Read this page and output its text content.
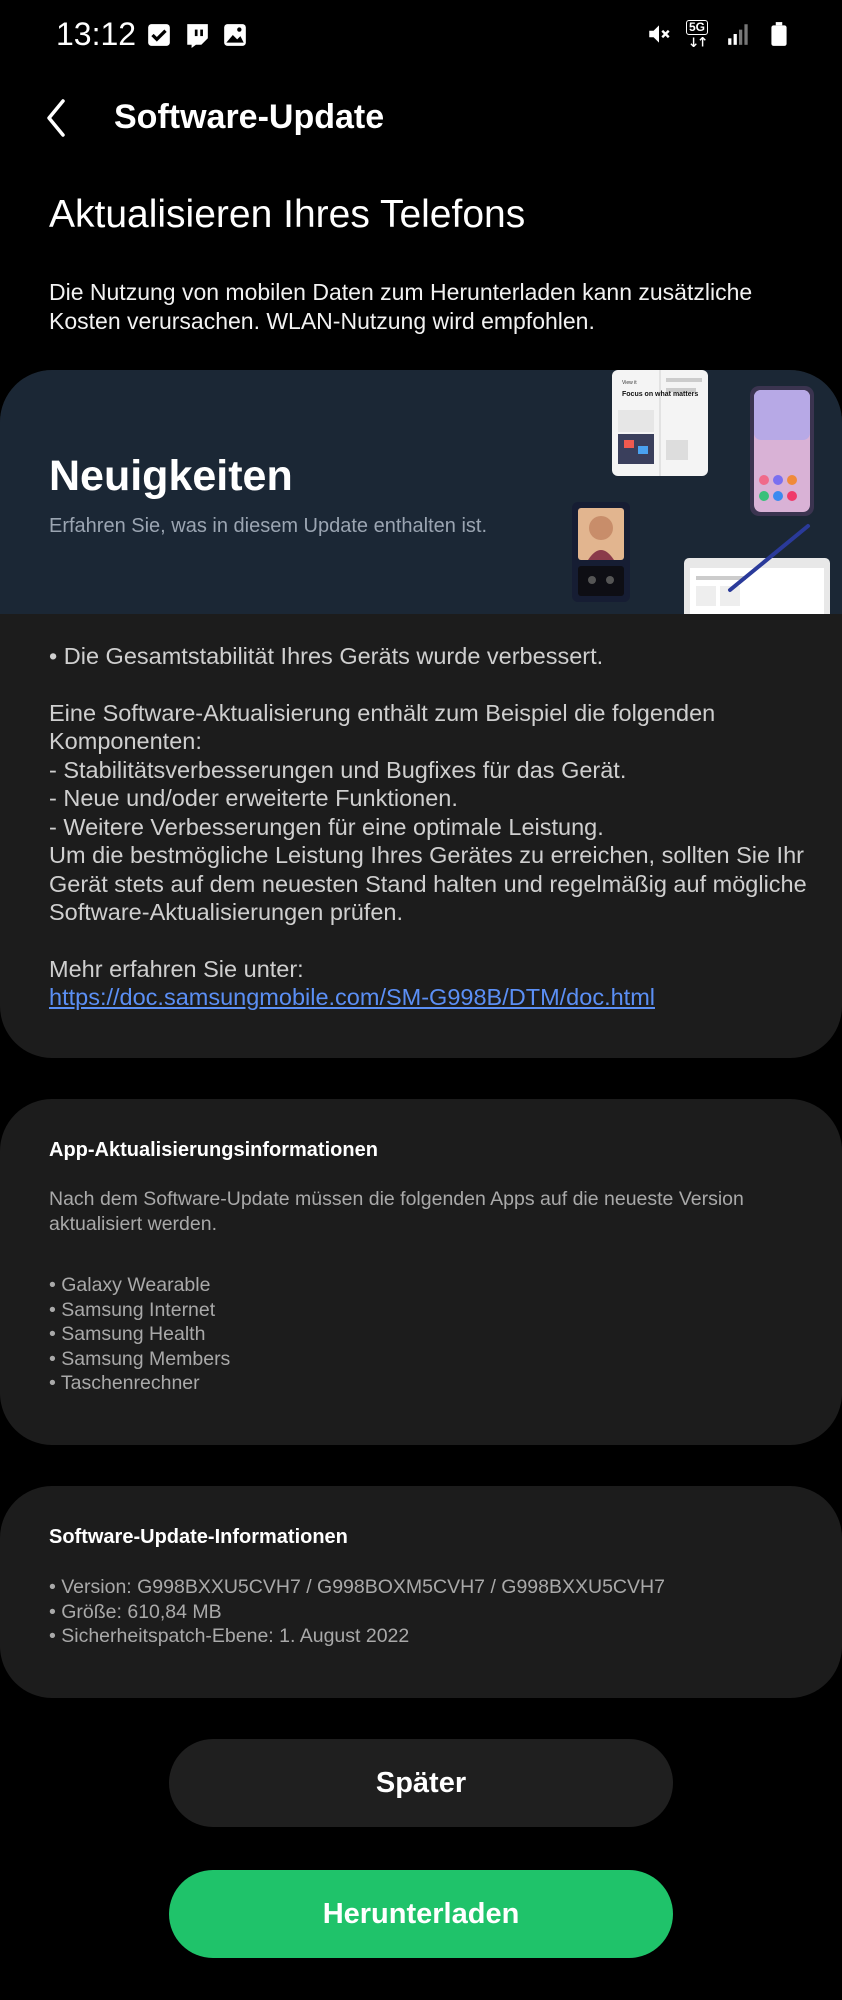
13:12	5G
Software-Update
Aktualisieren Ihres Telefons
Die Nutzung von mobilen Daten zum Herunterladen kann zusätzliche Kosten verursachen. WLAN-Nutzung wird empfohlen.
Neuigkeiten
Erfahren Sie, was in diesem Update enthalten ist.
View it
Focus on what matters

• Die Gesamtstabilität Ihres Geräts wurde verbessert.

Eine Software-Aktualisierung enthält zum Beispiel die folgenden Komponenten:
- Stabilitätsverbesserungen und Bugfixes für das Gerät.
- Neue und/oder erweiterte Funktionen.
- Weitere Verbesserungen für eine optimale Leistung.
Um die bestmögliche Leistung Ihres Gerätes zu erreichen, sollten Sie Ihr Gerät stets auf dem neuesten Stand halten und regelmäßig auf mögliche Software-Aktualisierungen prüfen.

Mehr erfahren Sie unter:

https://doc.samsungmobile.com/SM-G998B/DTM/doc.html

App-Aktualisierungsinformationen
Nach dem Software-Update müssen die folgenden Apps auf die neueste Version aktualisiert werden.
• Galaxy Wearable
• Samsung Internet
• Samsung Health
• Samsung Members
• Taschenrechner
Software-Update-Informationen
• Version: G998BXXU5CVH7 / G998BOXM5CVH7 / G998BXXU5CVH7
• Größe: 610,84 MB
• Sicherheitspatch-Ebene: 1. August 2022
Später
Herunterladen
